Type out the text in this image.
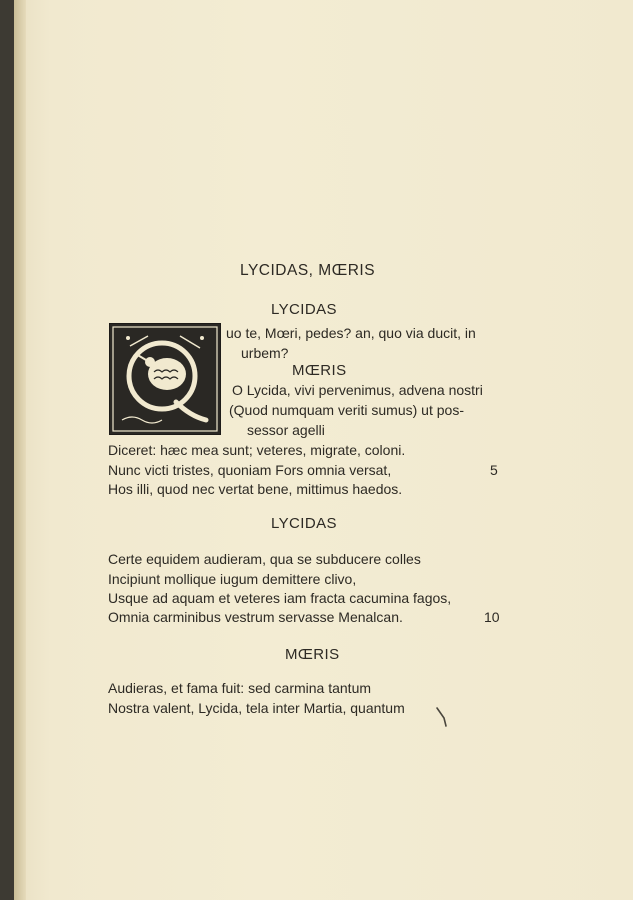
LYCIDAS, MŒRIS
LYCIDAS
uo te, Mœri, pedes? an, quo via ducit, in
urbem?
MŒRIS
O Lycida, vivi pervenimus, advena nostri
(Quod numquam veriti sumus) ut pos-
sessor agelli
Diceret: hæc mea sunt; veteres, migrate, coloni.
Nunc victi tristes, quoniam Fors omnia versat,	5
Hos illi, quod nec vertat bene, mittimus haedos.
LYCIDAS
Certe equidem audieram, qua se subducere colles
Incipiunt mollique iugum demittere clivo,
Usque ad aquam et veteres iam fracta cacumina fagos,
Omnia carminibus vestrum servasse Menalcan.	10
MŒRIS
Audieras, et fama fuit: sed carmina tantum
Nostra valent, Lycida, tela inter Martia, quantum
